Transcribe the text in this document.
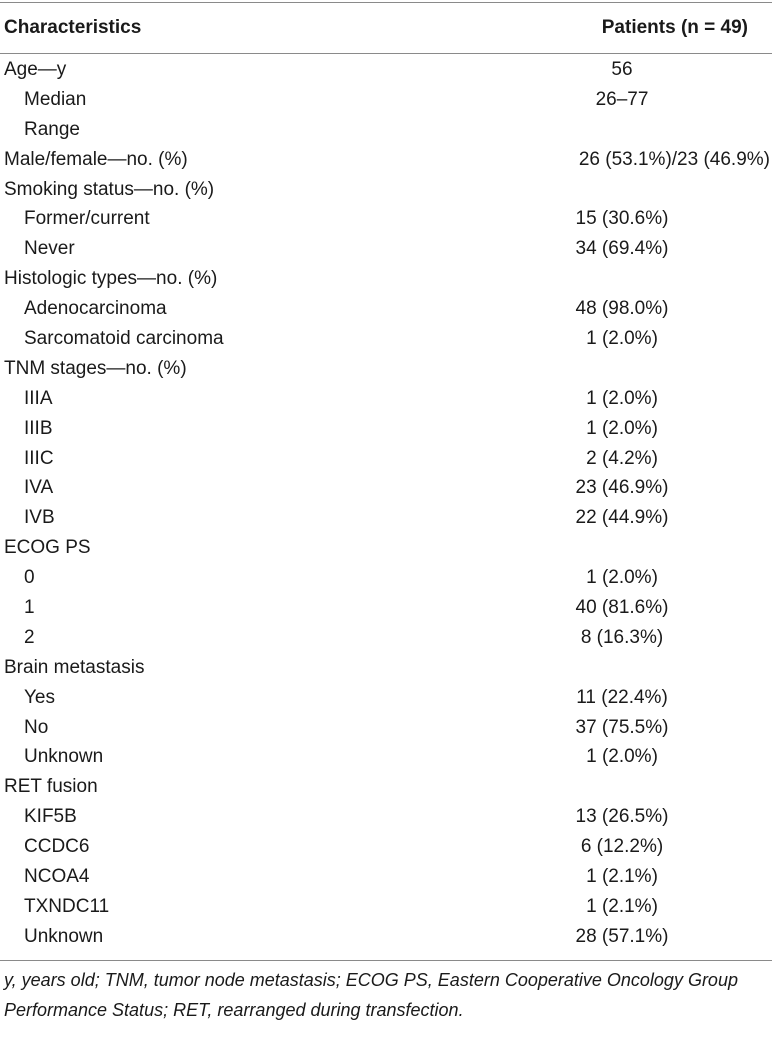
Characteristics	Patients (n = 49)
Age—y	56
Median	26–77
Range
Male/female—no. (%)	26 (53.1%)/23 (46.9%)
Smoking status—no. (%)
Former/current	15 (30.6%)
Never	34 (69.4%)
Histologic types—no. (%)
Adenocarcinoma	48 (98.0%)
Sarcomatoid carcinoma	1 (2.0%)
TNM stages—no. (%)
IIIA	1 (2.0%)
IIIB	1 (2.0%)
IIIC	2 (4.2%)
IVA	23 (46.9%)
IVB	22 (44.9%)
ECOG PS
0	1 (2.0%)
1	40 (81.6%)
2	8 (16.3%)
Brain metastasis
Yes	11 (22.4%)
No	37 (75.5%)
Unknown	1 (2.0%)
RET fusion
KIF5B	13 (26.5%)
CCDC6	6 (12.2%)
NCOA4	1 (2.1%)
TXNDC11	1 (2.1%)
Unknown	28 (57.1%)
y, years old; TNM, tumor node metastasis; ECOG PS, Eastern Cooperative Oncology Group Performance Status; RET, rearranged during transfection.
